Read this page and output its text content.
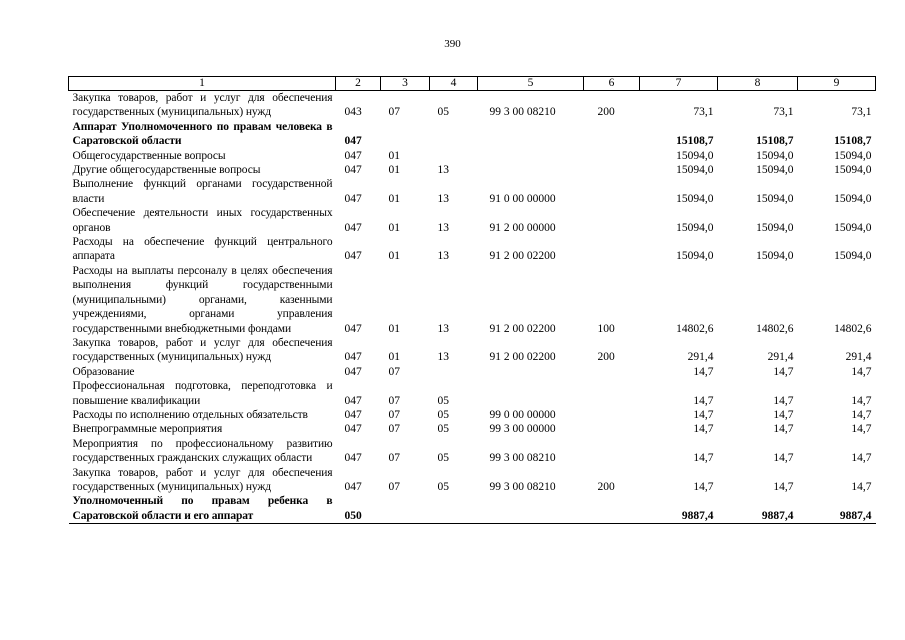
390
1	2	3	4	5	6	7	8	9
Закупка товаров, работ и услуг для обеспечения государственных (муниципальных) нужд	043	07	05	99 3 00 08210	200	73,1	73,1	73,1
Аппарат Уполномоченного по правам человека в Саратовской области	047					15108,7	15108,7	15108,7
Общегосударственные вопросы	047	01				15094,0	15094,0	15094,0
Другие общегосударственные вопросы	047	01	13			15094,0	15094,0	15094,0
Выполнение функций органами государственной власти	047	01	13	91 0 00 00000		15094,0	15094,0	15094,0
Обеспечение деятельности иных государственных органов	047	01	13	91 2 00 00000		15094,0	15094,0	15094,0
Расходы на обеспечение функций центрального аппарата	047	01	13	91 2 00 02200		15094,0	15094,0	15094,0
Расходы на выплаты персоналу в целях обеспечения выполнения функций государственными (муниципальными) органами, казенными учреждениями, органами управления государственными внебюджетными фондами	047	01	13	91 2 00 02200	100	14802,6	14802,6	14802,6
Закупка товаров, работ и услуг для обеспечения государственных (муниципальных) нужд	047	01	13	91 2 00 02200	200	291,4	291,4	291,4
Образование	047	07				14,7	14,7	14,7
Профессиональная подготовка, переподготовка и повышение квалификации	047	07	05			14,7	14,7	14,7
Расходы по исполнению отдельных обязательств	047	07	05	99 0 00 00000		14,7	14,7	14,7
Внепрограммные мероприятия	047	07	05	99 3 00 00000		14,7	14,7	14,7
Мероприятия по профессиональному развитию государственных гражданских служащих области	047	07	05	99 3 00 08210		14,7	14,7	14,7
Закупка товаров, работ и услуг для обеспечения государственных (муниципальных) нужд	047	07	05	99 3 00 08210	200	14,7	14,7	14,7
Уполномоченный по правам ребенка в Саратовской области и его аппарат	050					9887,4	9887,4	9887,4
